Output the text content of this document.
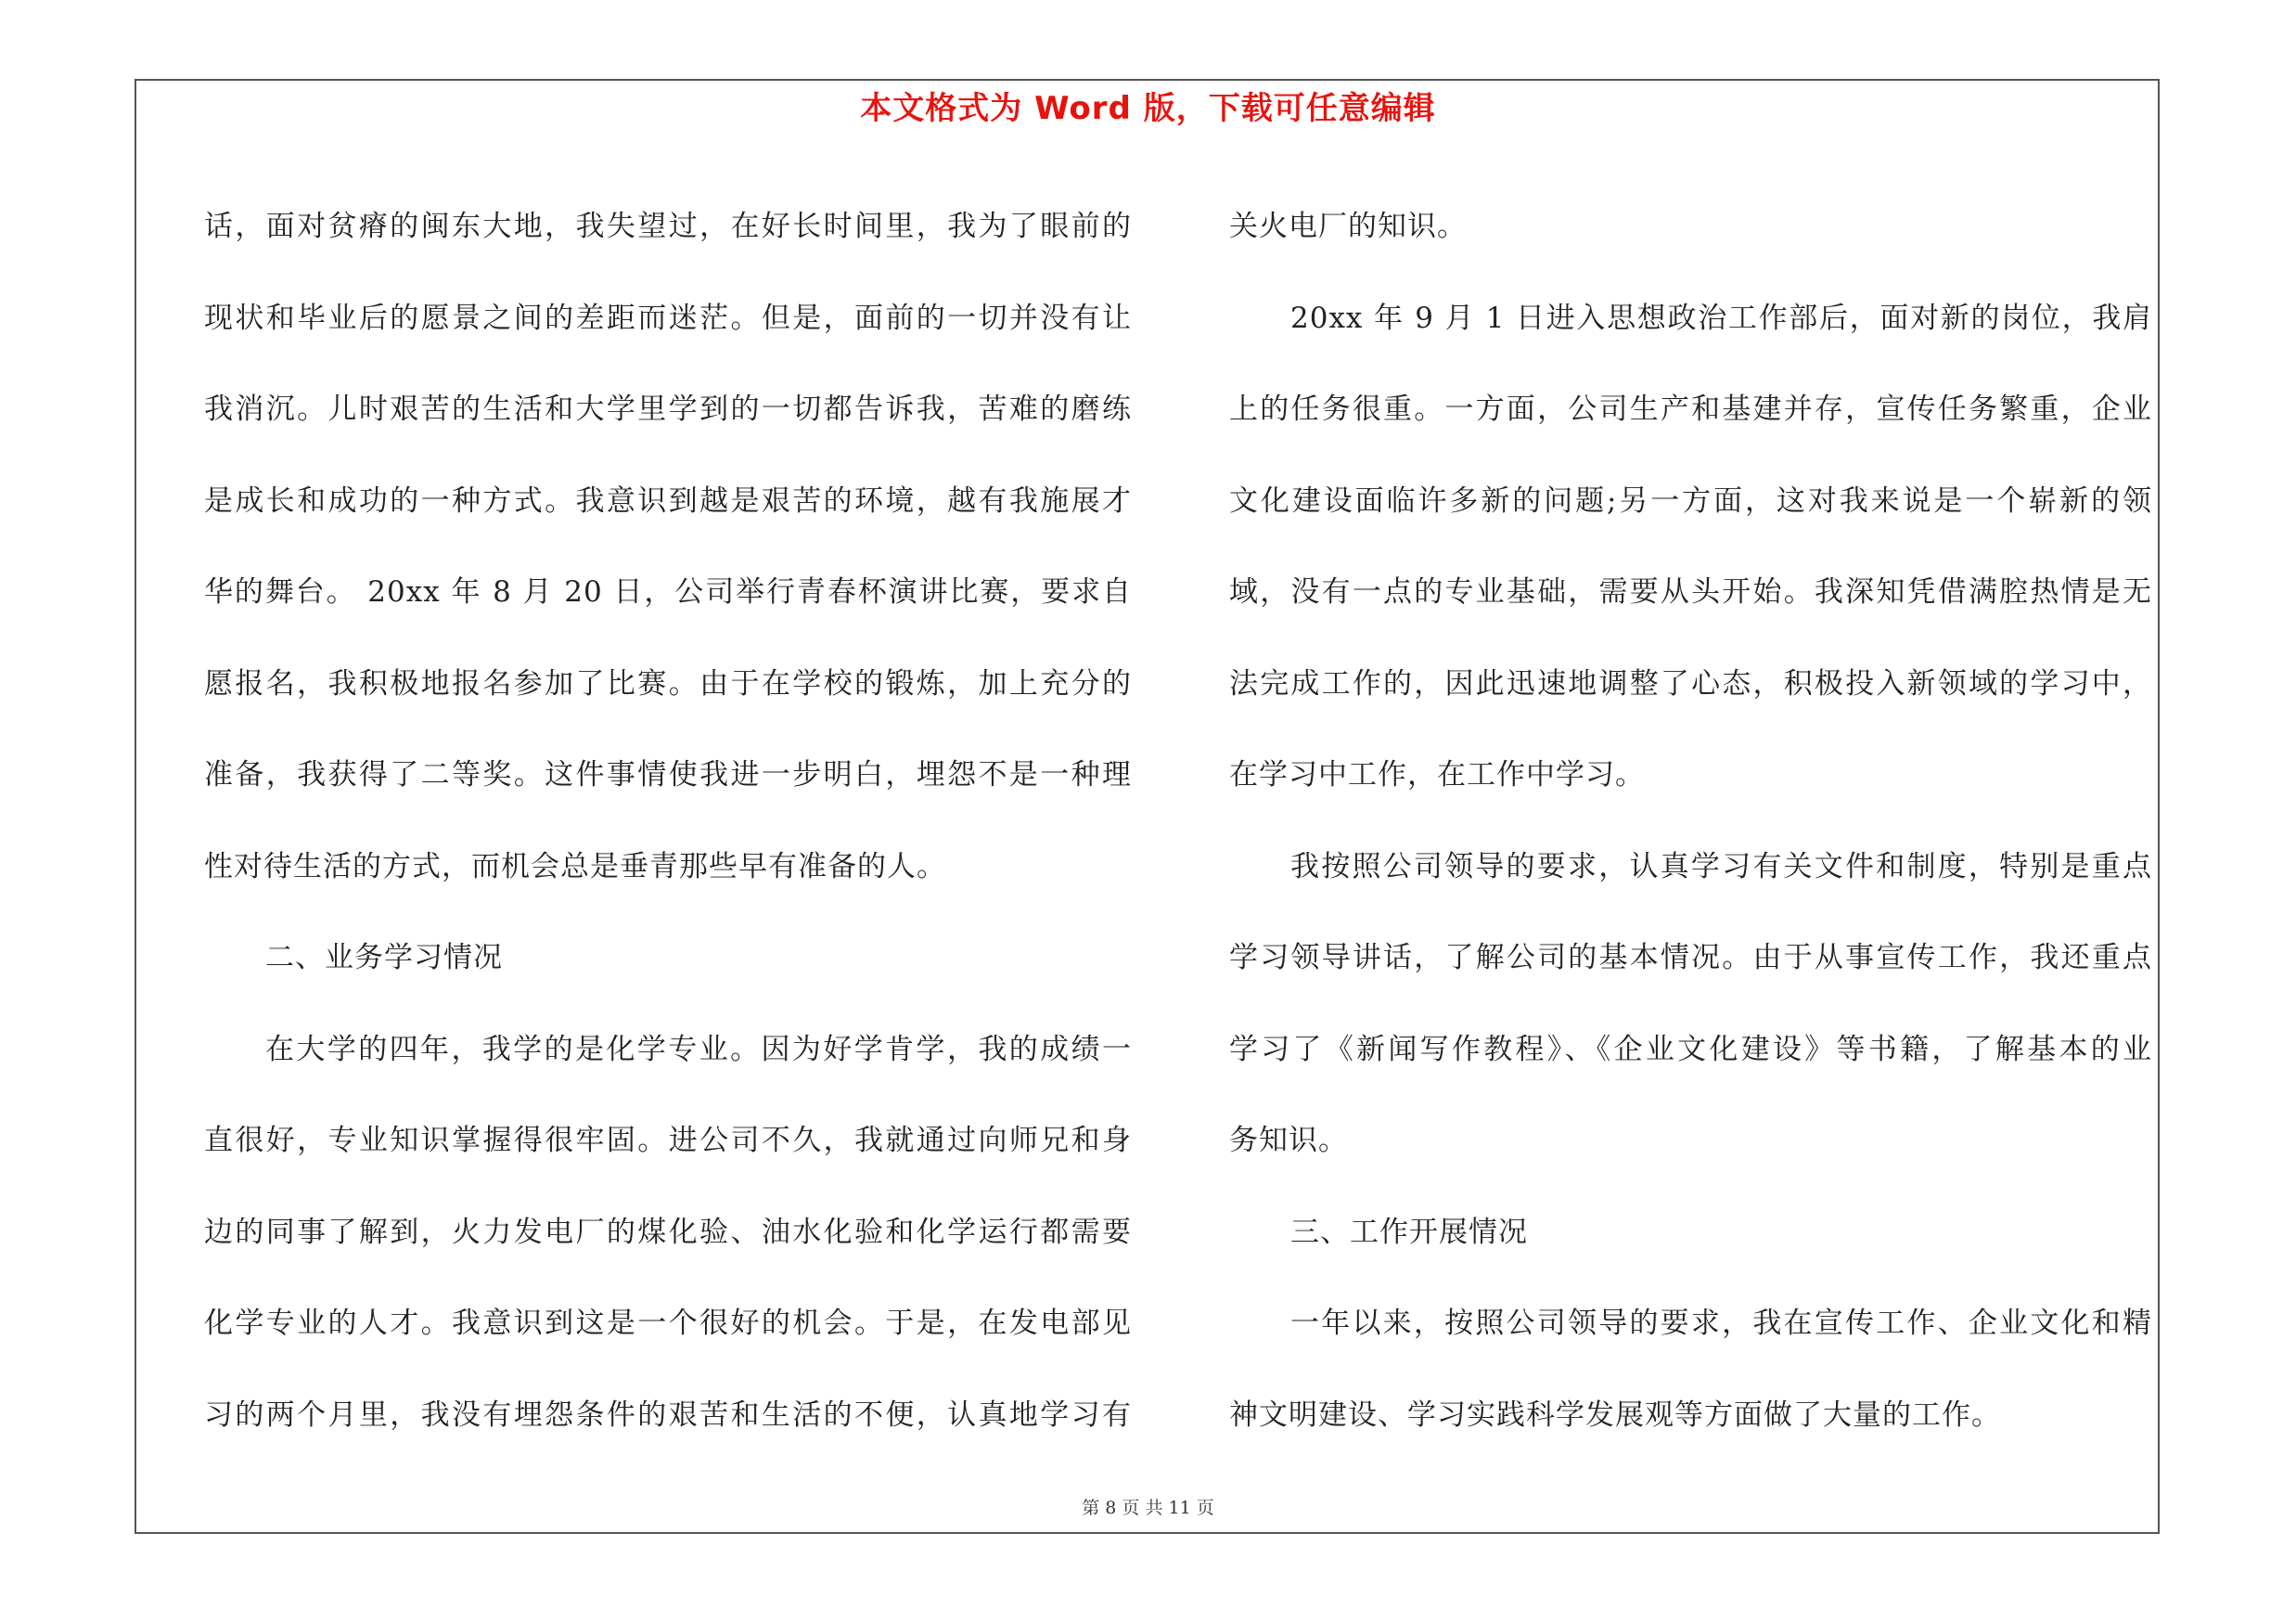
本文格式为 Word 版，下载可任意编辑
话，面对贫瘠的闽东大地，我失望过，在好长时间里，我为了眼前的
现状和毕业后的愿景之间的差距而迷茫。但是，面前的一切并没有让
我消沉。儿时艰苦的生活和大学里学到的一切都告诉我，苦难的磨练
是成长和成功的一种方式。我意识到越是艰苦的环境，越有我施展才
华的舞台。 20xx 年 8 月 20 日，公司举行青春杯演讲比赛，要求自
愿报名，我积极地报名参加了比赛。由于在学校的锻炼，加上充分的
准备，我获得了二等奖。这件事情使我进一步明白，埋怨不是一种理
性对待生活的方式，而机会总是垂青那些早有准备的人。
二、业务学习情况
在大学的四年，我学的是化学专业。因为好学肯学，我的成绩一
直很好，专业知识掌握得很牢固。进公司不久，我就通过向师兄和身
边的同事了解到，火力发电厂的煤化验、油水化验和化学运行都需要
化学专业的人才。我意识到这是一个很好的机会。于是，在发电部见
习的两个月里，我没有埋怨条件的艰苦和生活的不便，认真地学习有
关火电厂的知识。
20xx 年 9 月 1 日进入思想政治工作部后，面对新的岗位，我肩
上的任务很重。一方面，公司生产和基建并存，宣传任务繁重，企业
文化建设面临许多新的问题;另一方面，这对我来说是一个崭新的领
域，没有一点的专业基础，需要从头开始。我深知凭借满腔热情是无
法完成工作的，因此迅速地调整了心态，积极投入新领域的学习中，
在学习中工作，在工作中学习。
我按照公司领导的要求，认真学习有关文件和制度，特别是重点
学习领导讲话，了解公司的基本情况。由于从事宣传工作，我还重点
学习了《新闻写作教程》、《企业文化建设》等书籍，了解基本的业
务知识。
三、工作开展情况
一年以来，按照公司领导的要求，我在宣传工作、企业文化和精
神文明建设、学习实践科学发展观等方面做了大量的工作。
第 8 页 共 11 页
